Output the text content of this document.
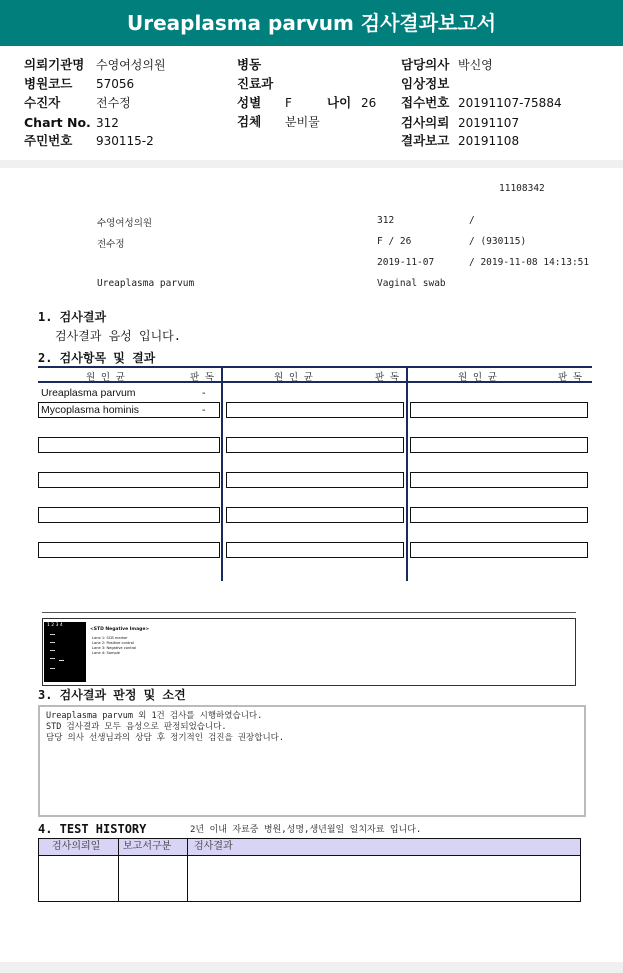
Ureaplasma parvum 검사결과보고서
의뢰기관명 수영여성의원
병원코드 57056
수진자	전수정
Chart No. 312
주민번호 930115-2
병동
진료과
성별 F	나이 26
검체 분비물
담당의사 박신영
임상정보
접수번호 20191107-75884
검사의뢰 20191107
결과보고 20191108
11108342
수영여성의원	312	/
전수정	F / 26	/ (930115)
2019-11-07	/ 2019-11-08 14:13:51
Ureaplasma parvum	Vaginal swab
1. 검사결과
검사결과 음성 입니다.
2. 검사항목 및 결과
원 인 균	판 독	원 인 균	판 독	원 인 균	판 독
Ureaplasma parvum	-
Mycoplasma hominis	-
1 2 3 4
<STD Negative Image>
Lane 1: SCB marker
Lane 2: Positive control
Lane 3: Negative control
Lane 4: Sample
3. 검사결과 판정 및 소견
Ureaplasma parvum 외 1건 검사를 시행하였습니다.
STD 검사결과 모두 음성으로 판정되었습니다.
담당 의사 선생님과의 상담 후 정기적인 검진을 권장합니다.
4. TEST HISTORY	2년 이내 자료중 병원,성명,생년월일 일치자료 입니다.
검사의뢰일 보고서구분 검사결과
